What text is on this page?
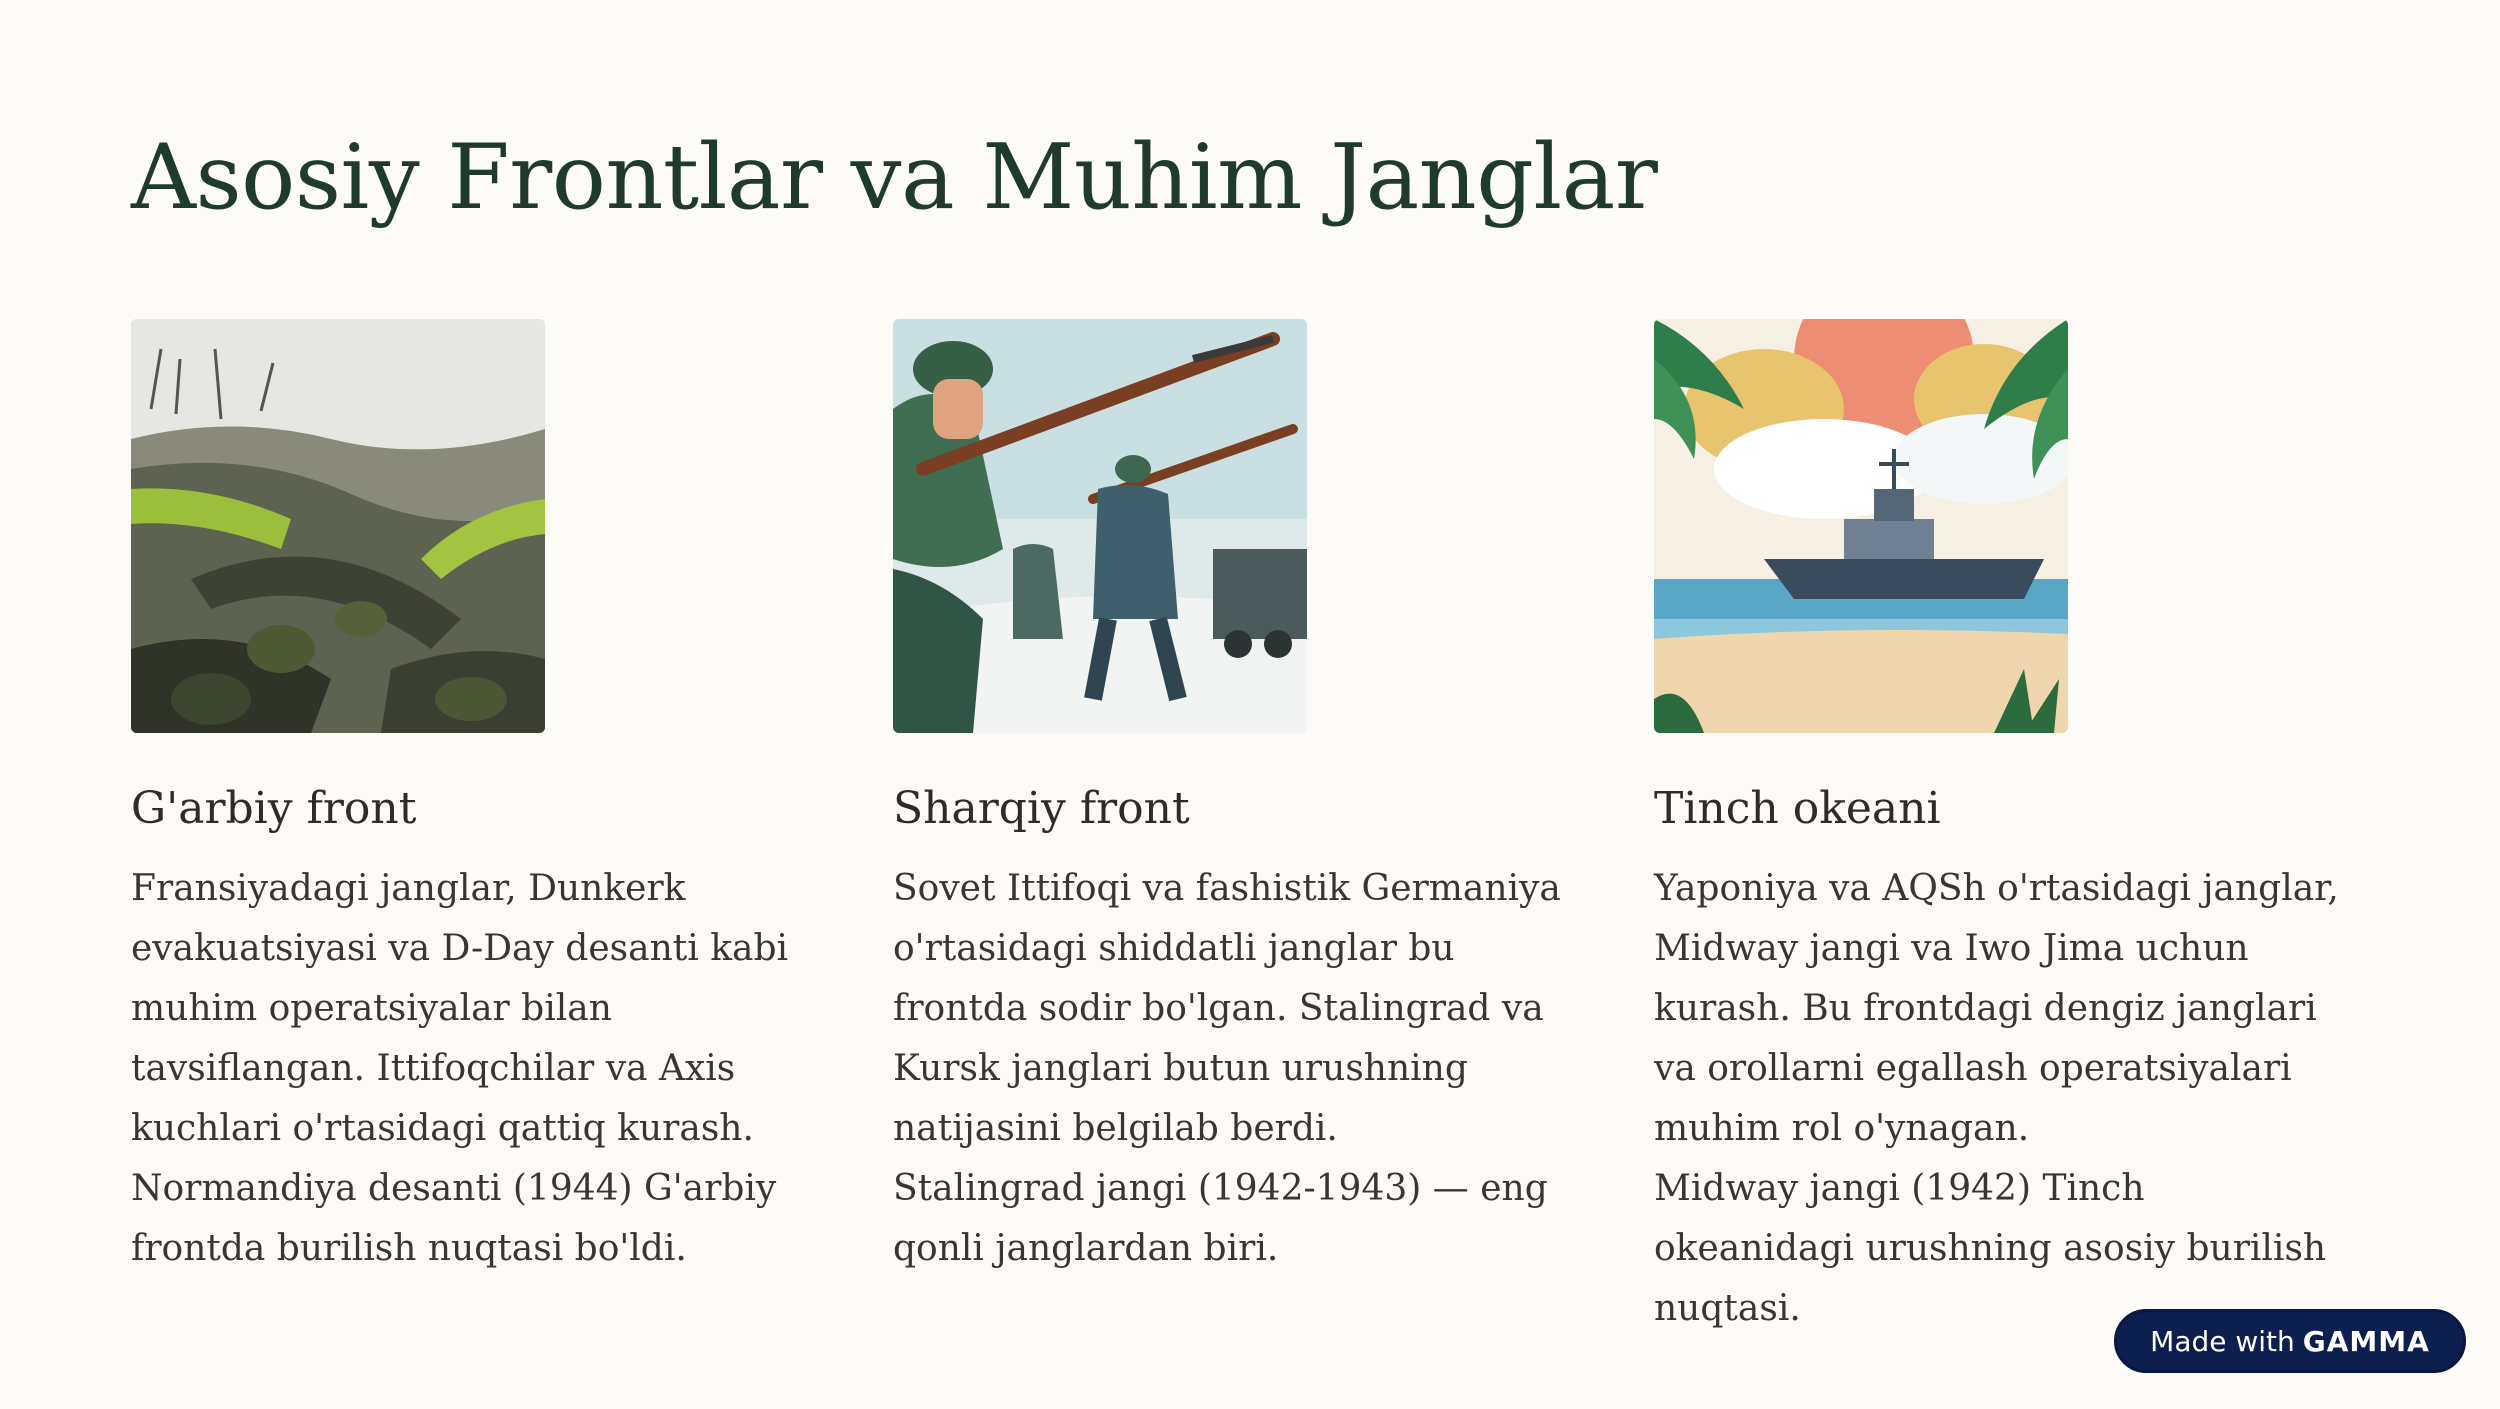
Asosiy Frontlar va Muhim Janglar
G'arbiy front

Fransiyadagi janglar, Dunkerk evakuatsiyasi va D-Day desanti kabi muhim operatsiyalar bilan tavsiflangan. Ittifoqchilar va Axis kuchlari o'rtasidagi qattiq kurash.

Normandiya desanti (1944) G'arbiy frontda burilish nuqtasi bo'ldi.

Sharqiy front

Sovet Ittifoqi va fashistik Germaniya o'rtasidagi shiddatli janglar bu frontda sodir bo'lgan. Stalingrad va Kursk janglari butun urushning natijasini belgilab berdi.

Stalingrad jangi (1942-1943) — eng qonli janglardan biri.

Tinch okeani

Yaponiya va AQSh o'rtasidagi janglar, Midway jangi va Iwo Jima uchun kurash. Bu frontdagi dengiz janglari va orollarni egallash operatsiyalari muhim rol o'ynagan.

Midway jangi (1942) Tinch okeanidagi urushning asosiy burilish nuqtasi.

Made with GAMMA
